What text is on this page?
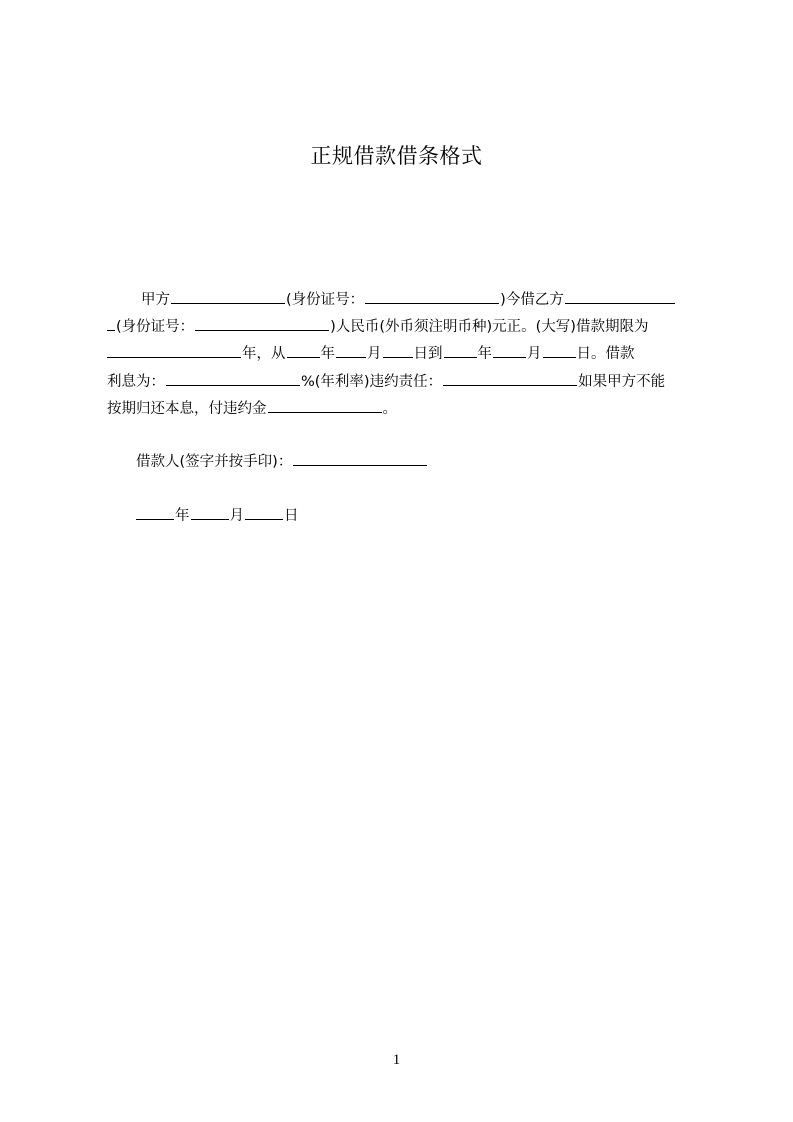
正规借款借条格式
甲方	(身份证号：	)今借乙方
(身份证号：	)人民币(外币须注明币种)元正。(大写)借款期限为
年，从 年 月 日到 年 月 日。借款
利息为：	%(年利率)违约责任：	如果甲方不能
按期归还本息，付违约金	。
借款人(签字并按手印)：
年	月	日
1
